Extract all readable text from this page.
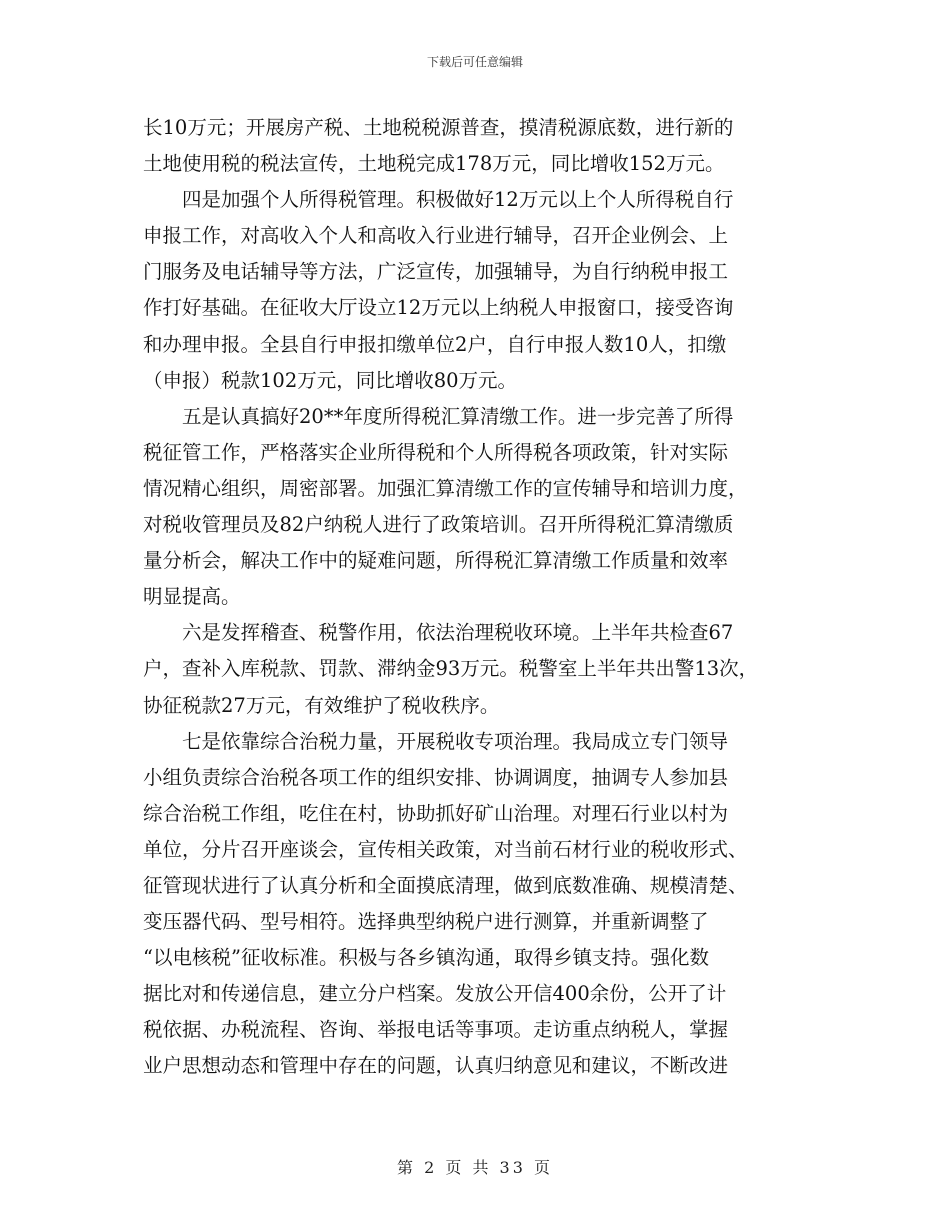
下载后可任意编辑
长10万元；开展房产税、土地税税源普查，摸清税源底数，进行新的
土地使用税的税法宣传，土地税完成178万元，同比增收152万元。
四是加强个人所得税管理。积极做好12万元以上个人所得税自行
申报工作，对高收入个人和高收入行业进行辅导，召开企业例会、上
门服务及电话辅导等方法，广泛宣传，加强辅导，为自行纳税申报工
作打好基础。在征收大厅设立12万元以上纳税人申报窗口，接受咨询
和办理申报。全县自行申报扣缴单位2户，自行申报人数10人，扣缴
（申报）税款102万元，同比增收80万元。
五是认真搞好20**年度所得税汇算清缴工作。进一步完善了所得
税征管工作，严格落实企业所得税和个人所得税各项政策，针对实际
情况精心组织，周密部署。加强汇算清缴工作的宣传辅导和培训力度，
对税收管理员及82户纳税人进行了政策培训。召开所得税汇算清缴质
量分析会，解决工作中的疑难问题，所得税汇算清缴工作质量和效率
明显提高。
六是发挥稽查、税警作用，依法治理税收环境。上半年共检查67
户，查补入库税款、罚款、滞纳金93万元。税警室上半年共出警13次，
协征税款27万元，有效维护了税收秩序。
七是依靠综合治税力量，开展税收专项治理。我局成立专门领导
小组负责综合治税各项工作的组织安排、协调调度，抽调专人参加县
综合治税工作组，吃住在村，协助抓好矿山治理。对理石行业以村为
单位，分片召开座谈会，宣传相关政策，对当前石材行业的税收形式、
征管现状进行了认真分析和全面摸底清理，做到底数准确、规模清楚、
变压器代码、型号相符。选择典型纳税户进行测算，并重新调整了
“以电核税”征收标准。积极与各乡镇沟通，取得乡镇支持。强化数
据比对和传递信息，建立分户档案。发放公开信400余份，公开了计
税依据、办税流程、咨询、举报电话等事项。走访重点纳税人，掌握
业户思想动态和管理中存在的问题，认真归纳意见和建议，不断改进
第 2 页 共 33 页
